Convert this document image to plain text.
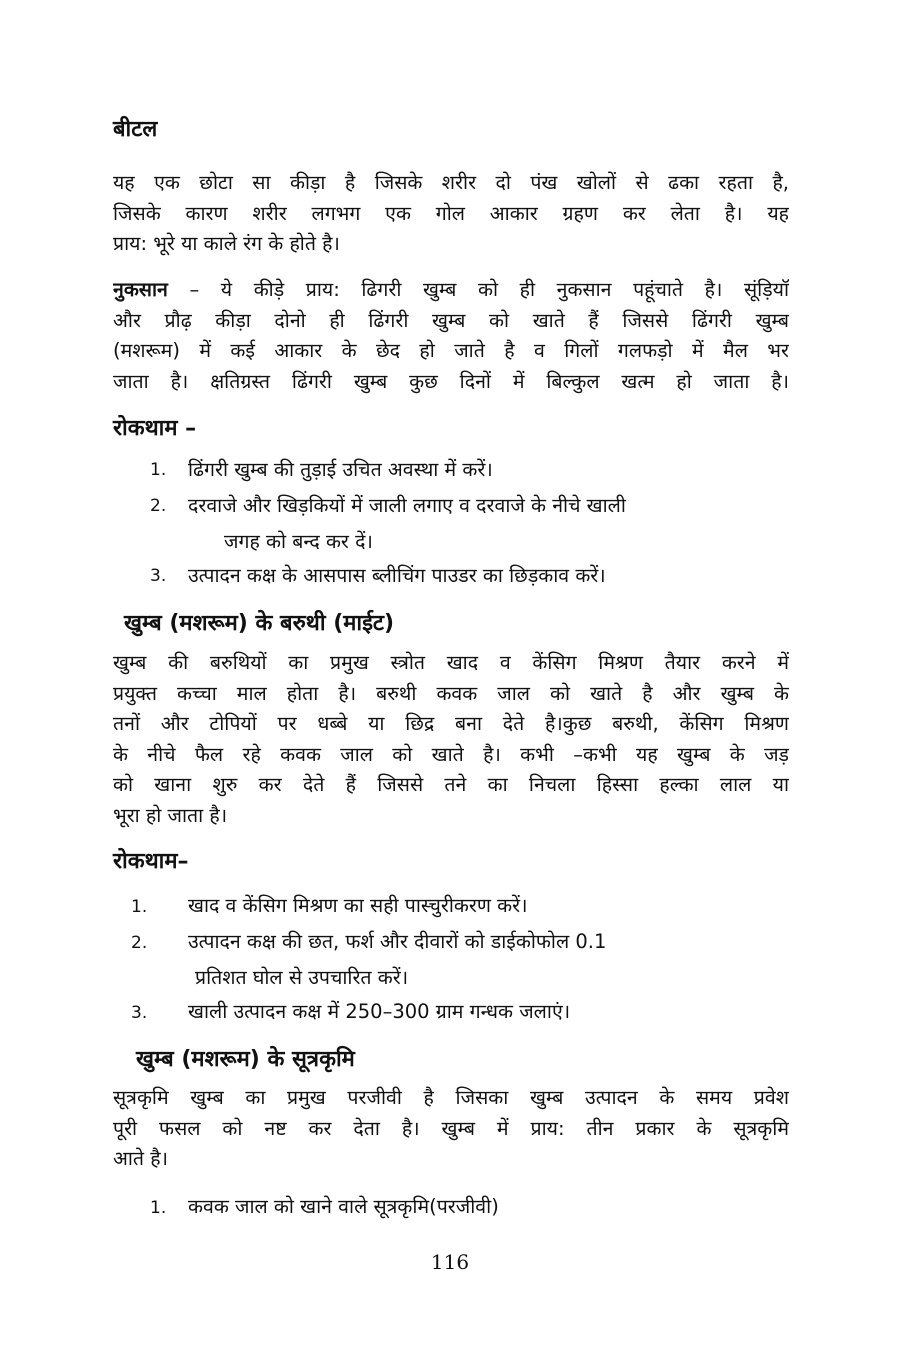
बीटल
यह एक छोटा सा कीड़ा है जिसके शरीर दो पंख खोलों से ढका रहता है,
जिसके कारण शरीर लगभग एक गोल आकार ग्रहण कर लेता है। यह
प्राय: भूरे या काले रंग के होते है।
नुकसान – ये कीड़े प्राय: ढिगरी खुम्ब को ही नुकसान पहूंचाते है। सूंड़ियॉ
और प्रौढ़ कीड़ा दोनो ही ढिंगरी खुम्ब को खाते हैं जिससे ढिंगरी खुम्ब
(मशरूम) में कई आकार के छेद हो जाते है व गिलों गलफड़ो में मैल भर
जाता है। क्षतिग्रस्त ढिंगरी खुम्ब कुछ दिनों में बिल्कुल खत्म हो जाता है।
रोकथाम –
1. ढिंगरी खुम्ब की तुड़ाई उचित अवस्था में करें।
2. दरवाजे और खिड़कियों में जाली लगाए व दरवाजे के नीचे खाली
जगह को बन्द कर दें।
3. उत्पादन कक्ष के आसपास ब्लीचिंग पाउडर का छिड़काव करें।
खुम्ब (मशरूम) के बरुथी (माईट)
खुम्ब की बरुथियों का प्रमुख स्त्रोत खाद व केंसिग मिश्रण तैयार करने में
प्रयुक्त कच्चा माल होता है। बरुथी कवक जाल को खाते है और खुम्ब के
तनों और टोपियों पर धब्बे या छिद्र बना देते है।कुछ बरुथी, केंसिग मिश्रण
के नीचे फैल रहे कवक जाल को खाते है। कभी –कभी यह खुम्ब के जड़
को खाना शुरु कर देते हैं जिससे तने का निचला हिस्सा हल्का लाल या
भूरा हो जाता है।
रोकथाम–
1. खाद व केंसिग मिश्रण का सही पास्चुरीकरण करें।
2. उत्पादन कक्ष की छत, फर्श और दीवारों को डाईकोफोल 0.1
प्रतिशत घोल से उपचारित करें।
3. खाली उत्पादन कक्ष में 250–300 ग्राम गन्धक जलाएं।
खुम्ब (मशरूम) के सूत्रकृमि
सूत्रकृमि खुम्ब का प्रमुख परजीवी है जिसका खुम्ब उत्पादन के समय प्रवेश
पूरी फसल को नष्ट कर देता है। खुम्ब में प्राय: तीन प्रकार के सूत्रकृमि
आते है।
1. कवक जाल को खाने वाले सूत्रकृमि(परजीवी)
116
